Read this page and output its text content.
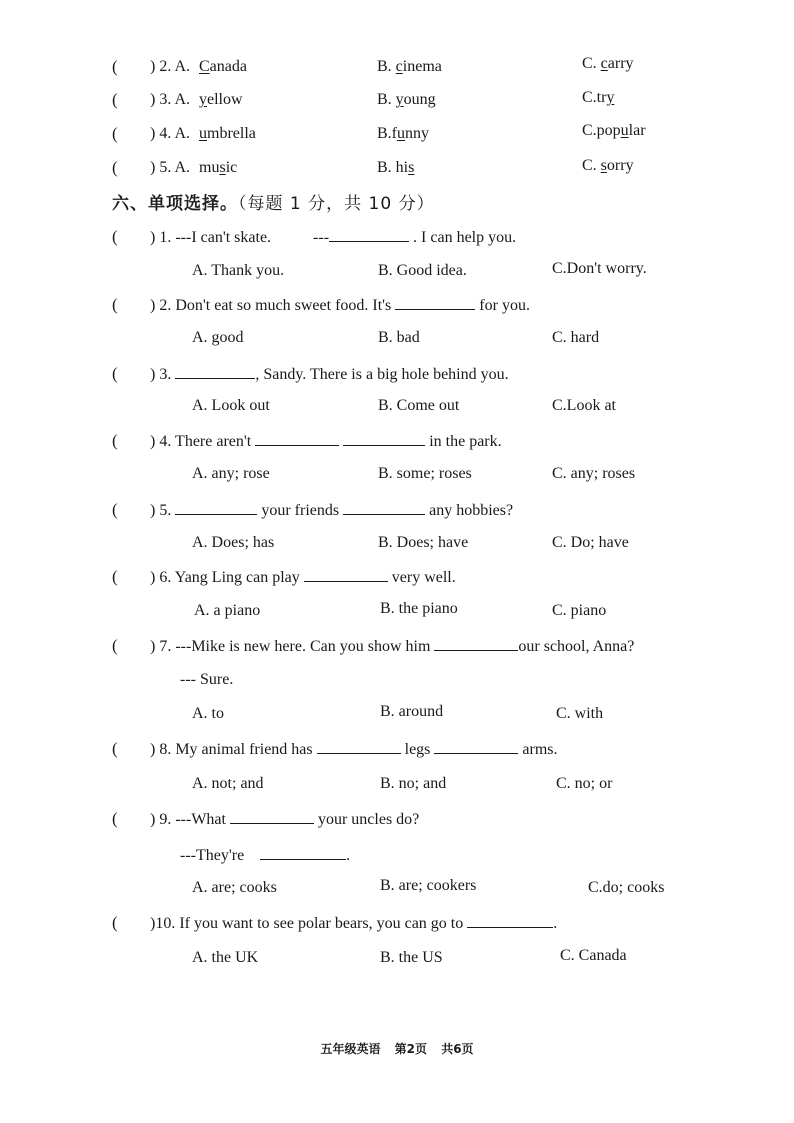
( ) 2. A. Canada	B. cinema	C. carry
( ) 3. A. yellow	B. young	C.try
( ) 4. A. umbrella	B.funny	C.popular
( ) 5. A. music	B. his	C. sorry
六、单项选择。（每题 1 分，共 10 分）
( ) 1. ---I can't skate.	---	. I can help you.
A. Thank you.	B. Good idea.	C.Don't worry.
( ) 2. Don't eat so much sweet food. It's	for you.
A. good	B. bad	C. hard
( ) 3.	, Sandy. There is a big hole behind you.
A. Look out	B. Come out	C.Look at
( ) 4. There aren't	in the park.
A. any; rose	B. some; roses	C. any; roses
( ) 5.	your friends	any hobbies?
A. Does; has	B. Does; have	C. Do; have
( ) 6. Yang Ling can play	very well.
A. a piano	B. the piano	C. piano
( ) 7. ---Mike is new here. Can you show him	our school, Anna?
--- Sure.
A. to	B. around	C. with
( ) 8. My animal friend has	legs	arms.
A. not; and	B. no; and	C. no; or
( ) 9. ---What	your uncles do?
---They're	.
A. are; cooks	B. are; cookers	C.do; cooks
( )10. If you want to see polar bears, you can go to	.
A. the UK	B. the US	C. Canada
五年级英语 第2页 共6页
